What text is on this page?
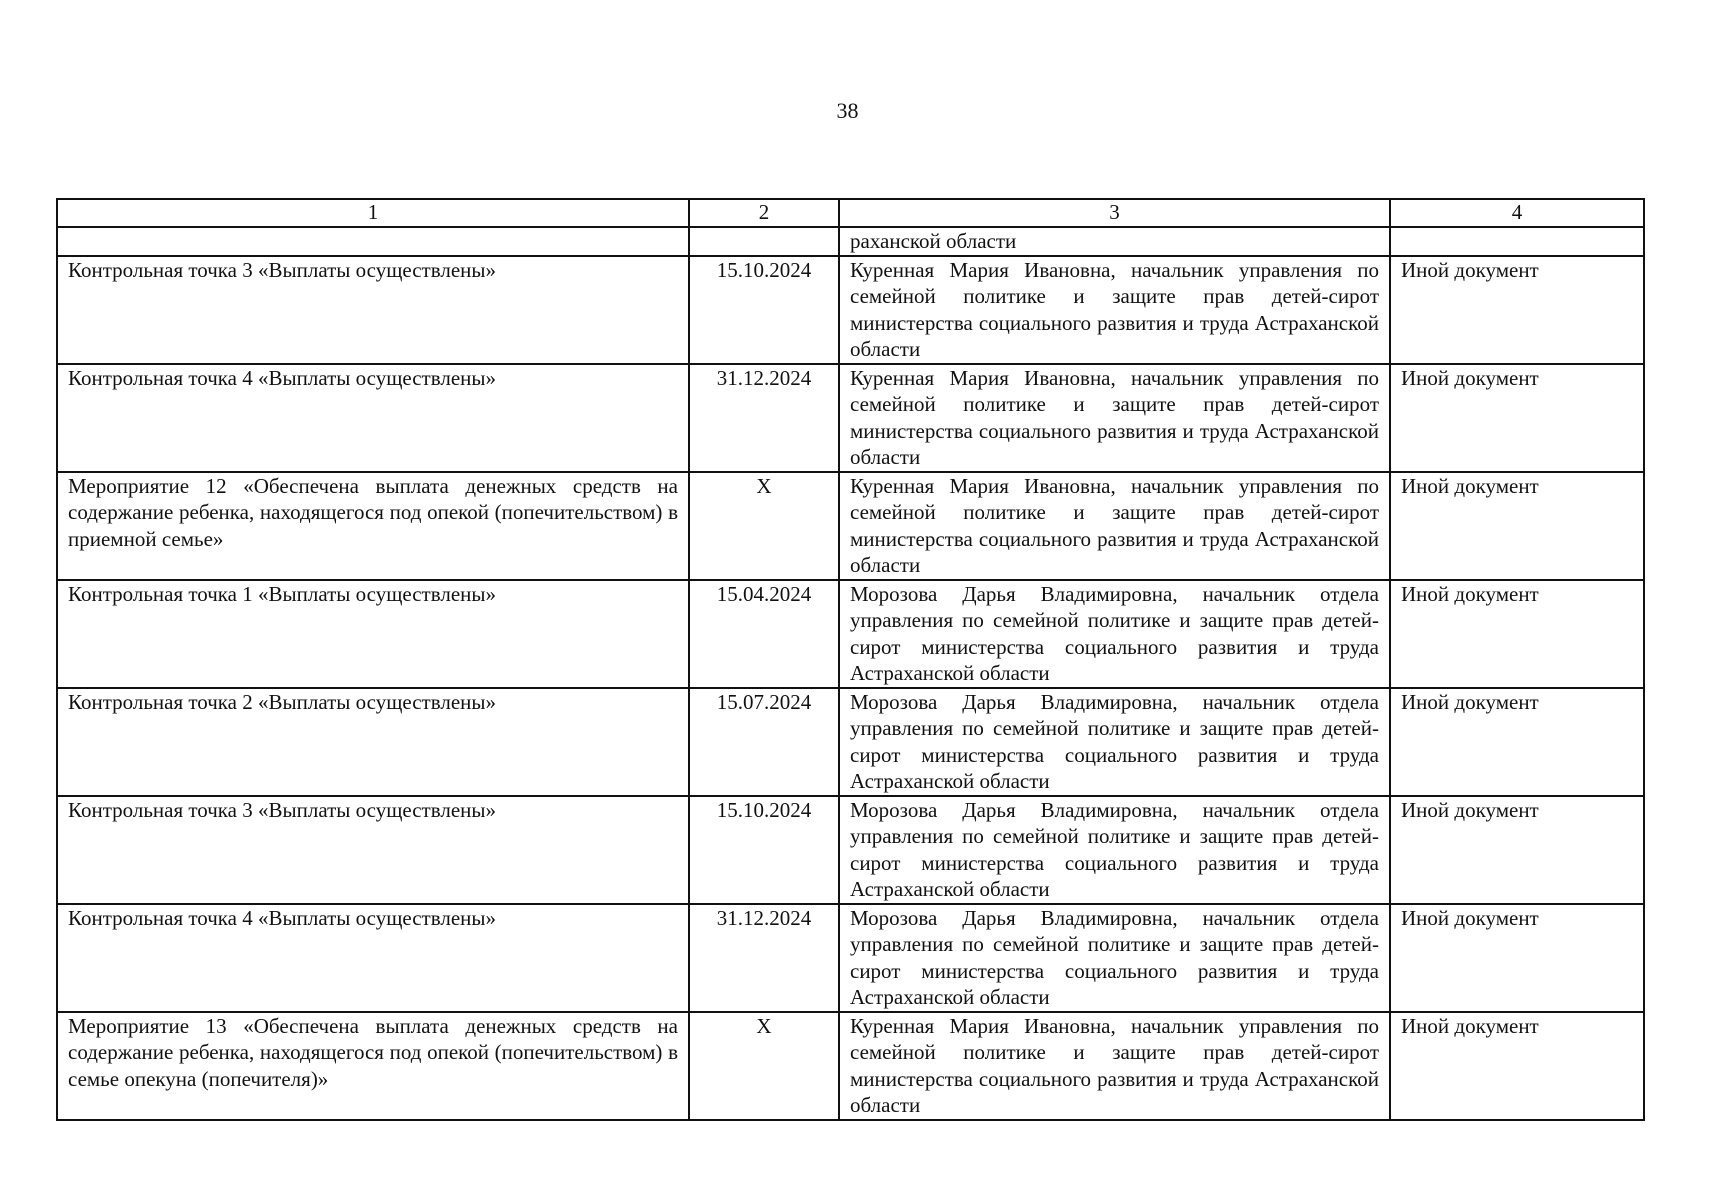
38
1	2	3	4
		раханской области	
Контрольная точка 3 «Выплаты осуществлены»	15.10.2024	Куренная Мария Ивановна, начальник управления по семейной политике и защите прав детей-сирот министерства социального развития и труда Астраханской области	Иной документ
Контрольная точка 4 «Выплаты осуществлены»	31.12.2024	Куренная Мария Ивановна, начальник управления по семейной политике и защите прав детей-сирот министерства социального развития и труда Астраханской области	Иной документ
Мероприятие 12 «Обеспечена выплата денежных средств на содержание ребенка, находящегося под опекой (попечительством) в приемной семье»	X	Куренная Мария Ивановна, начальник управления по семейной политике и защите прав детей-сирот министерства социального развития и труда Астраханской области	Иной документ
Контрольная точка 1 «Выплаты осуществлены»	15.04.2024	Морозова Дарья Владимировна, начальник отдела управления по семейной политике и защите прав детей-сирот министерства социального развития и труда Астраханской области	Иной документ
Контрольная точка 2 «Выплаты осуществлены»	15.07.2024	Морозова Дарья Владимировна, начальник отдела управления по семейной политике и защите прав детей-сирот министерства социального развития и труда Астраханской области	Иной документ
Контрольная точка 3 «Выплаты осуществлены»	15.10.2024	Морозова Дарья Владимировна, начальник отдела управления по семейной политике и защите прав детей-сирот министерства социального развития и труда Астраханской области	Иной документ
Контрольная точка 4 «Выплаты осуществлены»	31.12.2024	Морозова Дарья Владимировна, начальник отдела управления по семейной политике и защите прав детей-сирот министерства социального развития и труда Астраханской области	Иной документ
Мероприятие 13 «Обеспечена выплата денежных средств на содержание ребенка, находящегося под опекой (попечительством) в семье опекуна (попечителя)»	X	Куренная Мария Ивановна, начальник управления по семейной политике и защите прав детей-сирот министерства социального развития и труда Астраханской области	Иной документ
